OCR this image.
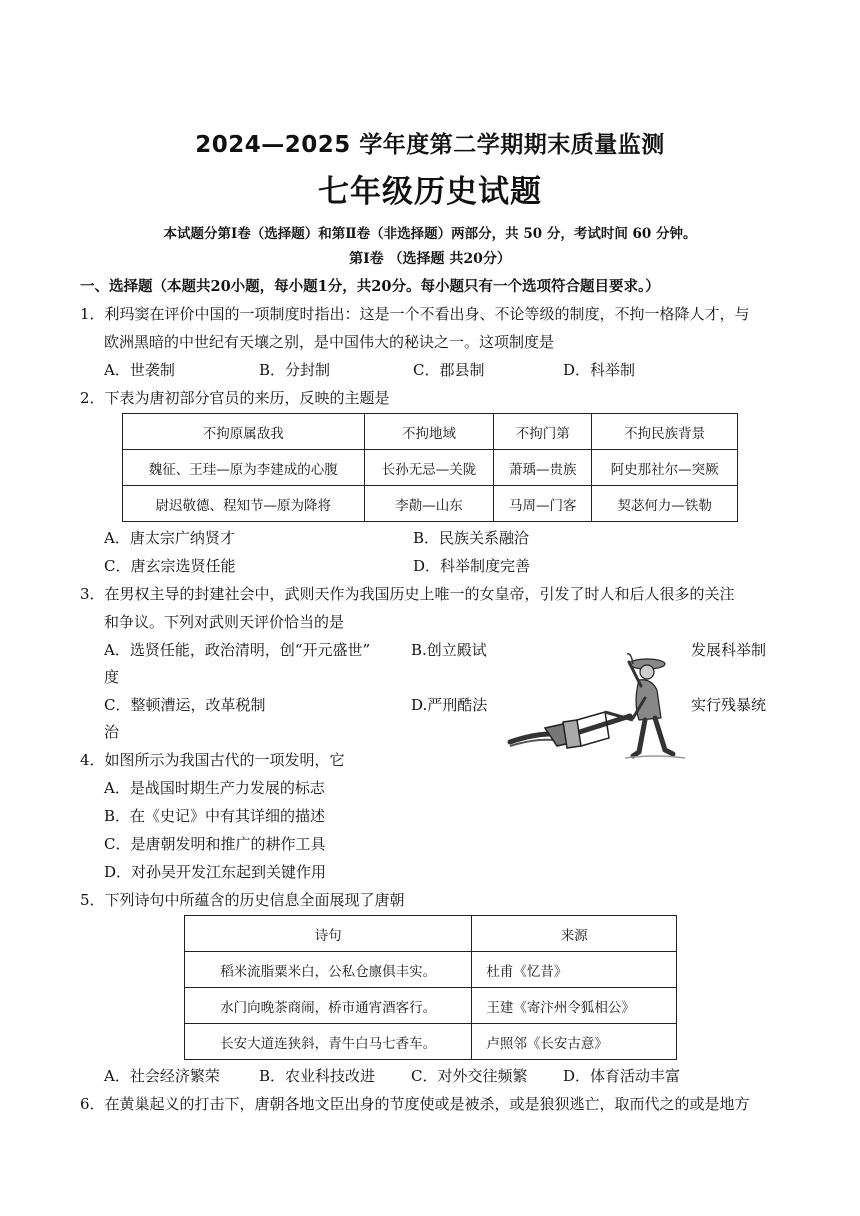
2024—2025 学年度第二学期期末质量监测
七年级历史试题
本试题分第Ⅰ卷（选择题）和第Ⅱ卷（非选择题）两部分，共 50 分，考试时间 60 分钟。
第Ⅰ卷 （选择题 共20分）
一、选择题（本题共20小题，每小题1分，共20分。每小题只有一个选项符合题目要求。）
1．利玛窦在评价中国的一项制度时指出：这是一个不看出身、不论等级的制度，不拘一格降人才，与
欧洲黑暗的中世纪有天壤之别，是中国伟大的秘诀之一。这项制度是
A．世袭制	B．分封制	C．郡县制	D．科举制
2．下表为唐初部分官员的来历，反映的主题是
不拘原属敌我	不拘地域	不拘门第	不拘民族背景
魏征、王珪—原为李建成的心腹	长孙无忌—关陇	萧瑀—贵族	阿史那社尔—突厥
尉迟敬德、程知节—原为降将	李勣—山东	马周—门客	契苾何力—铁勒
A．唐太宗广纳贤才	B．民族关系融洽
C．唐玄宗选贤任能	D．科举制度完善
3．在男权主导的封建社会中，武则天作为我国历史上唯一的女皇帝，引发了时人和后人很多的关注
和争议。下列对武则天评价恰当的是
A．选贤任能，政治清明，创“开元盛世”	B.创立殿试	发展科举制
度
C．整顿漕运，改革税制	D.严刑酷法	实行残暴统
治
4．如图所示为我国古代的一项发明，它
A．是战国时期生产力发展的标志
B．在《史记》中有其详细的描述
C．是唐朝发明和推广的耕作工具
D．对孙吴开发江东起到关键作用
5．下列诗句中所蕴含的历史信息全面展现了唐朝
诗句	来源
稻米流脂粟米白，公私仓廪俱丰实。	杜甫《忆昔》
水门向晚茶商闹，桥市通宵酒客行。	王建《寄汴州令狐相公》
长安大道连狭斜，青牛白马七香车。	卢照邻《长安古意》
A．社会经济繁荣	B．农业科技改进 C．对外交往频繁 D．体育活动丰富
6．在黄巢起义的打击下，唐朝各地文臣出身的节度使或是被杀，或是狼狈逃亡，取而代之的或是地方
